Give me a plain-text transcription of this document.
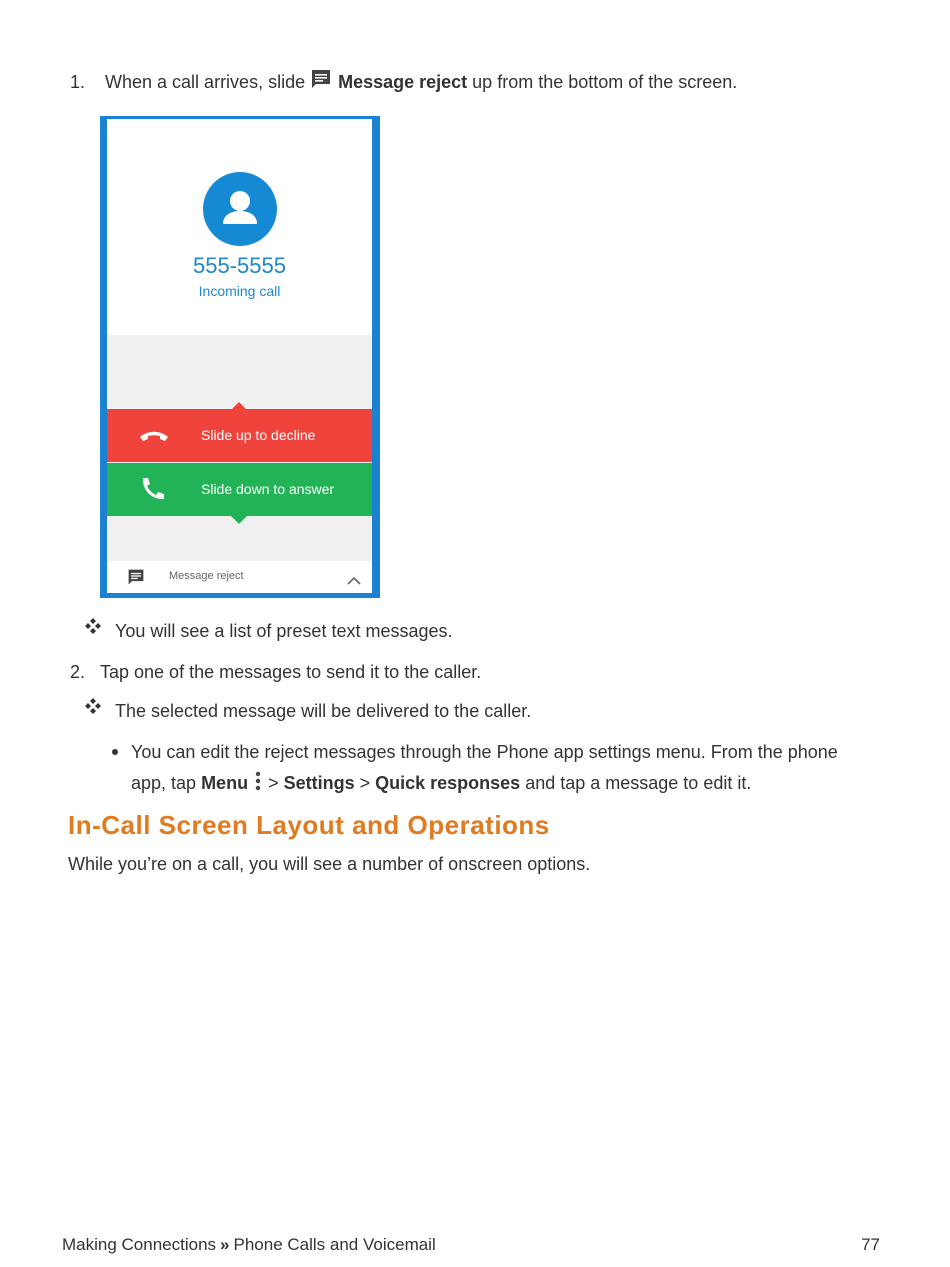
1. When a call arrives, slide Message reject up from the bottom of the screen.
555-5555
Incoming call
Slide up to decline
Slide down to answer
Message reject
You will see a list of preset text messages.
2. Tap one of the messages to send it to the caller.
The selected message will be delivered to the caller.
You can edit the reject messages through the Phone app settings menu. From the phone
app, tap Menu  > Settings > Quick responses and tap a message to edit it.
In-Call Screen Layout and Operations
While you’re on a call, you will see a number of onscreen options.
Making Connections » Phone Calls and Voicemail	77
